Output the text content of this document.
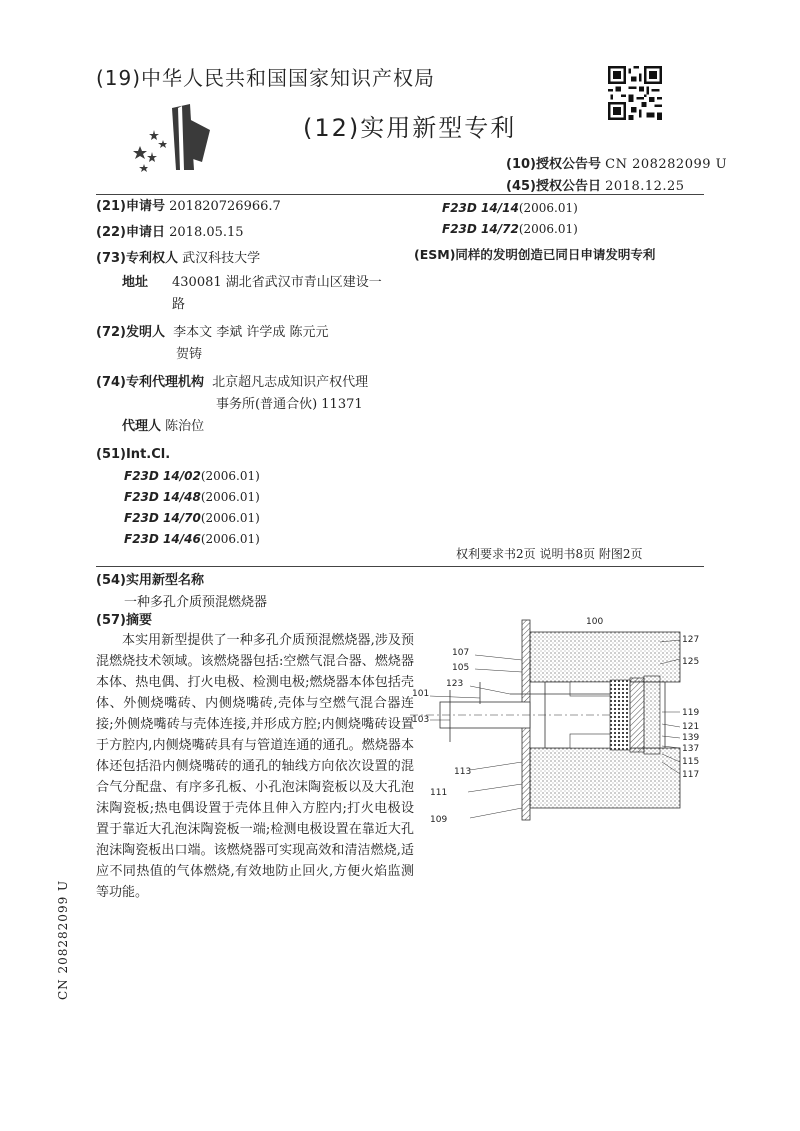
(19)中华人民共和国国家知识产权局
(12)实用新型专利
(10)授权公告号 CN 208282099 U
(45)授权公告日 2018.12.25
(21)申请号 201820726966.7
(22)申请日 2018.05.15
(73)专利权人 武汉科技大学
地址 430081 湖北省武汉市青山区建设一
路
(72)发明人 李本文 李斌 许学成 陈元元
贺铸
(74)专利代理机构 北京超凡志成知识产权代理
事务所(普通合伙) 11371
代理人 陈治位
(51)Int.Cl.
F23D 14/02(2006.01)
F23D 14/48(2006.01)
F23D 14/70(2006.01)
F23D 14/46(2006.01)
F23D 14/14(2006.01)
F23D 14/72(2006.01)
(ESM)同样的发明创造已同日申请发明专利
权利要求书2页 说明书8页 附图2页
(54)实用新型名称
一种多孔介质预混燃烧器
(57)摘要
本实用新型提供了一种多孔介质预混燃烧器,涉及预混燃烧技术领域。该燃烧器包括:空燃气混合器、燃烧器本体、热电偶、打火电极、检测电极;燃烧器本体包括壳体、外侧烧嘴砖、内侧烧嘴砖,壳体与空燃气混合器连接;外侧烧嘴砖与壳体连接,并形成方腔;内侧烧嘴砖设置于方腔内,内侧烧嘴砖具有与管道连通的通孔。燃烧器本体还包括沿内侧烧嘴砖的通孔的轴线方向依次设置的混合气分配盘、有序多孔板、小孔泡沫陶瓷板以及大孔泡沫陶瓷板;热电偶设置于壳体且伸入方腔内;打火电极设置于靠近大孔泡沫陶瓷板一端;检测电极设置在靠近大孔泡沫陶瓷板出口端。该燃烧器可实现高效和清洁燃烧,适应不同热值的气体燃烧,有效地防止回火,方便火焰监测等功能。
100
127
107
125
105
123
101
103
119
121
139
137
115
117
113
111
109
CN 208282099 U
